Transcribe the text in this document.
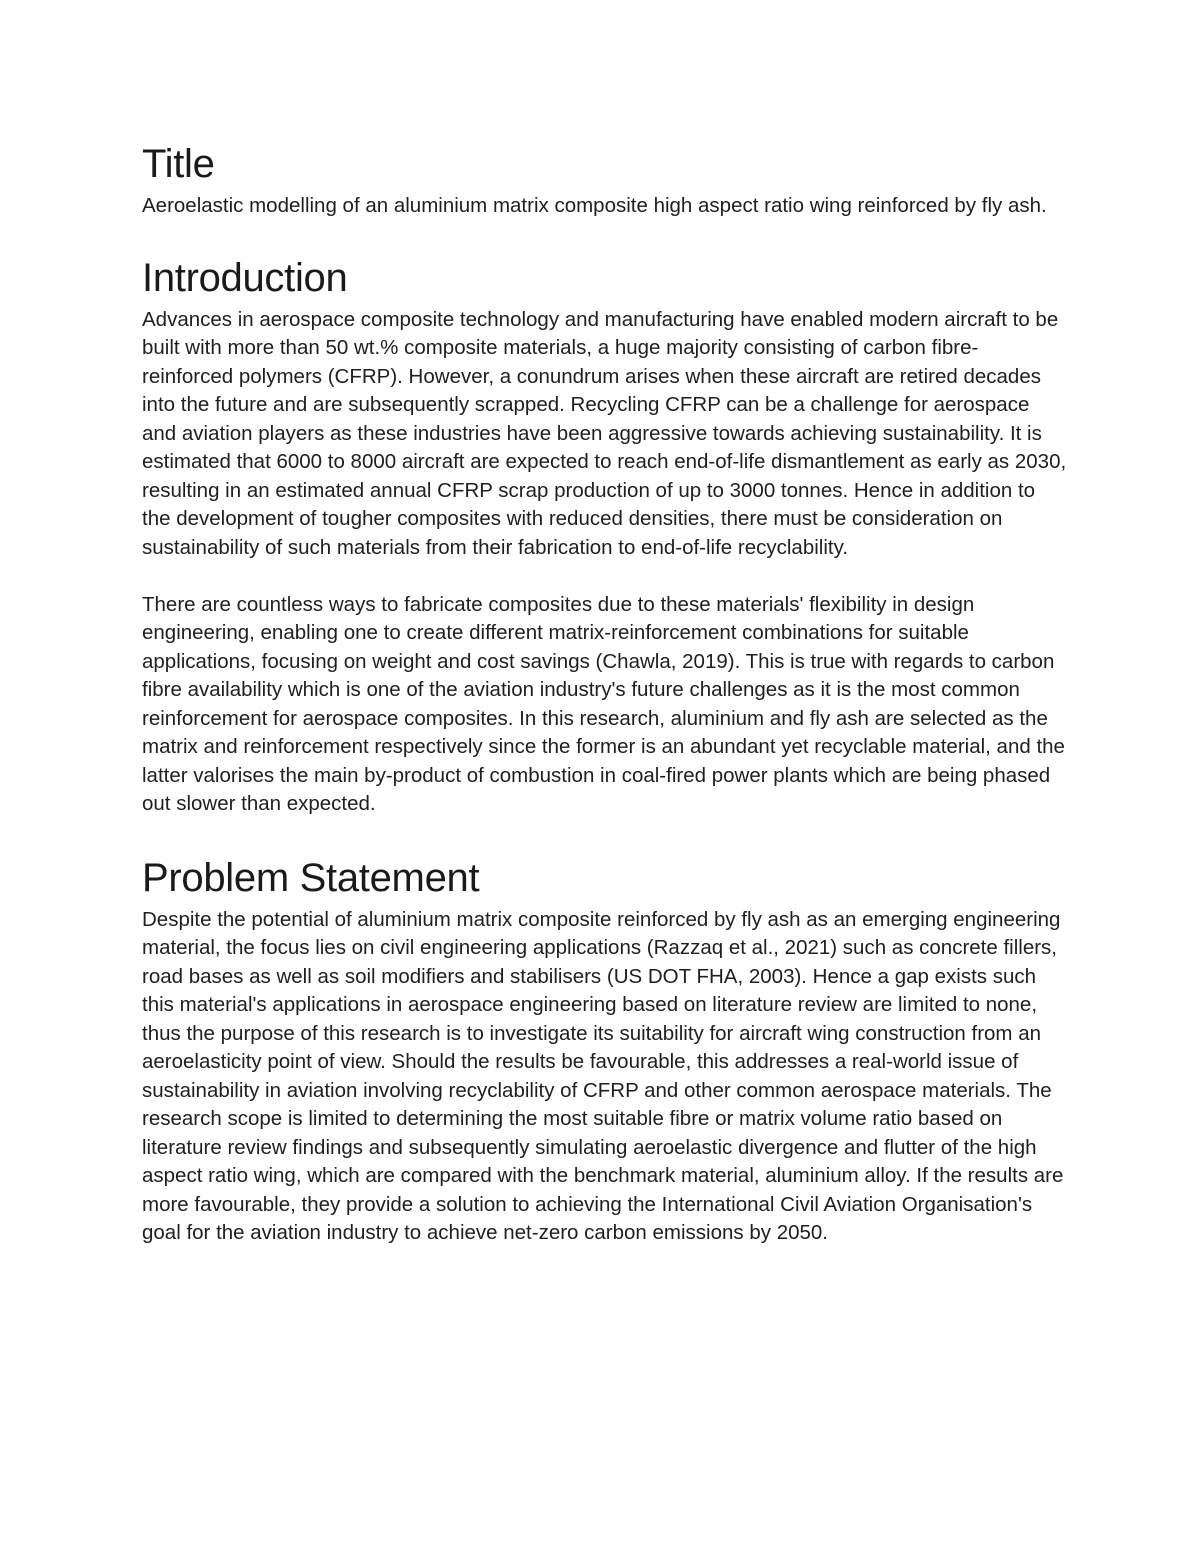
Title

Aeroelastic modelling of an aluminium matrix composite high aspect ratio wing reinforced by fly ash.

Introduction

Advances in aerospace composite technology and manufacturing have enabled modern aircraft to be built with more than 50 wt.% composite materials, a huge majority consisting of carbon fibre-reinforced polymers (CFRP). However, a conundrum arises when these aircraft are retired decades into the future and are subsequently scrapped. Recycling CFRP can be a challenge for aerospace and aviation players as these industries have been aggressive towards achieving sustainability. It is estimated that 6000 to 8000 aircraft are expected to reach end-of-life dismantlement as early as 2030, resulting in an estimated annual CFRP scrap production of up to 3000 tonnes. Hence in addition to the development of tougher composites with reduced densities, there must be consideration on sustainability of such materials from their fabrication to end-of-life recyclability.

There are countless ways to fabricate composites due to these materials' flexibility in design engineering, enabling one to create different matrix-reinforcement combinations for suitable applications, focusing on weight and cost savings (Chawla, 2019). This is true with regards to carbon fibre availability which is one of the aviation industry's future challenges as it is the most common reinforcement for aerospace composites. In this research, aluminium and fly ash are selected as the matrix and reinforcement respectively since the former is an abundant yet recyclable material, and the latter valorises the main by-product of combustion in coal-fired power plants which are being phased out slower than expected.

Problem Statement

Despite the potential of aluminium matrix composite reinforced by fly ash as an emerging engineering material, the focus lies on civil engineering applications (Razzaq et al., 2021) such as concrete fillers, road bases as well as soil modifiers and stabilisers (US DOT FHA, 2003). Hence a gap exists such this material's applications in aerospace engineering based on literature review are limited to none, thus the purpose of this research is to investigate its suitability for aircraft wing construction from an aeroelasticity point of view. Should the results be favourable, this addresses a real-world issue of sustainability in aviation involving recyclability of CFRP and other common aerospace materials. The research scope is limited to determining the most suitable fibre or matrix volume ratio based on literature review findings and subsequently simulating aeroelastic divergence and flutter of the high aspect ratio wing, which are compared with the benchmark material, aluminium alloy. If the results are more favourable, they provide a solution to achieving the International Civil Aviation Organisation's goal for the aviation industry to achieve net-zero carbon emissions by 2050.
